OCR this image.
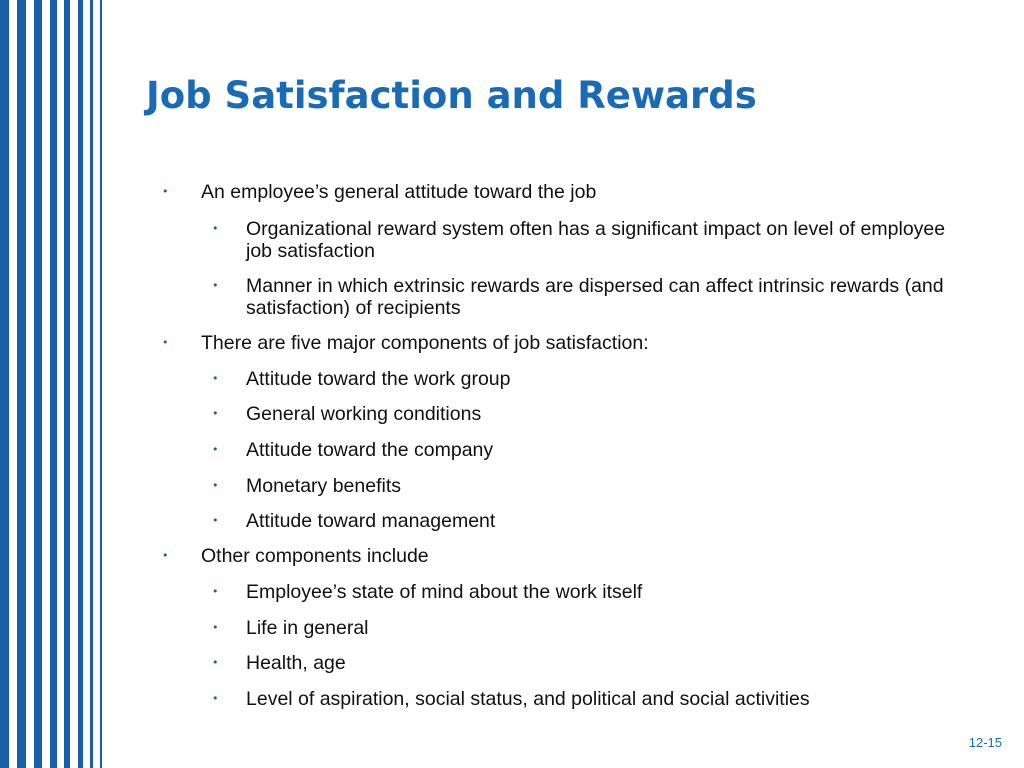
Job Satisfaction and Rewards
• An employee’s general attitude toward the job

• Organizational reward system often has a significant impact on level of employee job satisfaction

• Manner in which extrinsic rewards are dispersed can affect intrinsic rewards (and satisfaction) of recipients

• There are five major components of job satisfaction:

• Attitude toward the work group

• General working conditions

• Attitude toward the company

• Monetary benefits

• Attitude toward management

• Other components include

• Employee’s state of mind about the work itself

• Life in general

• Health, age

• Level of aspiration, social status, and political and social activities

12-15
